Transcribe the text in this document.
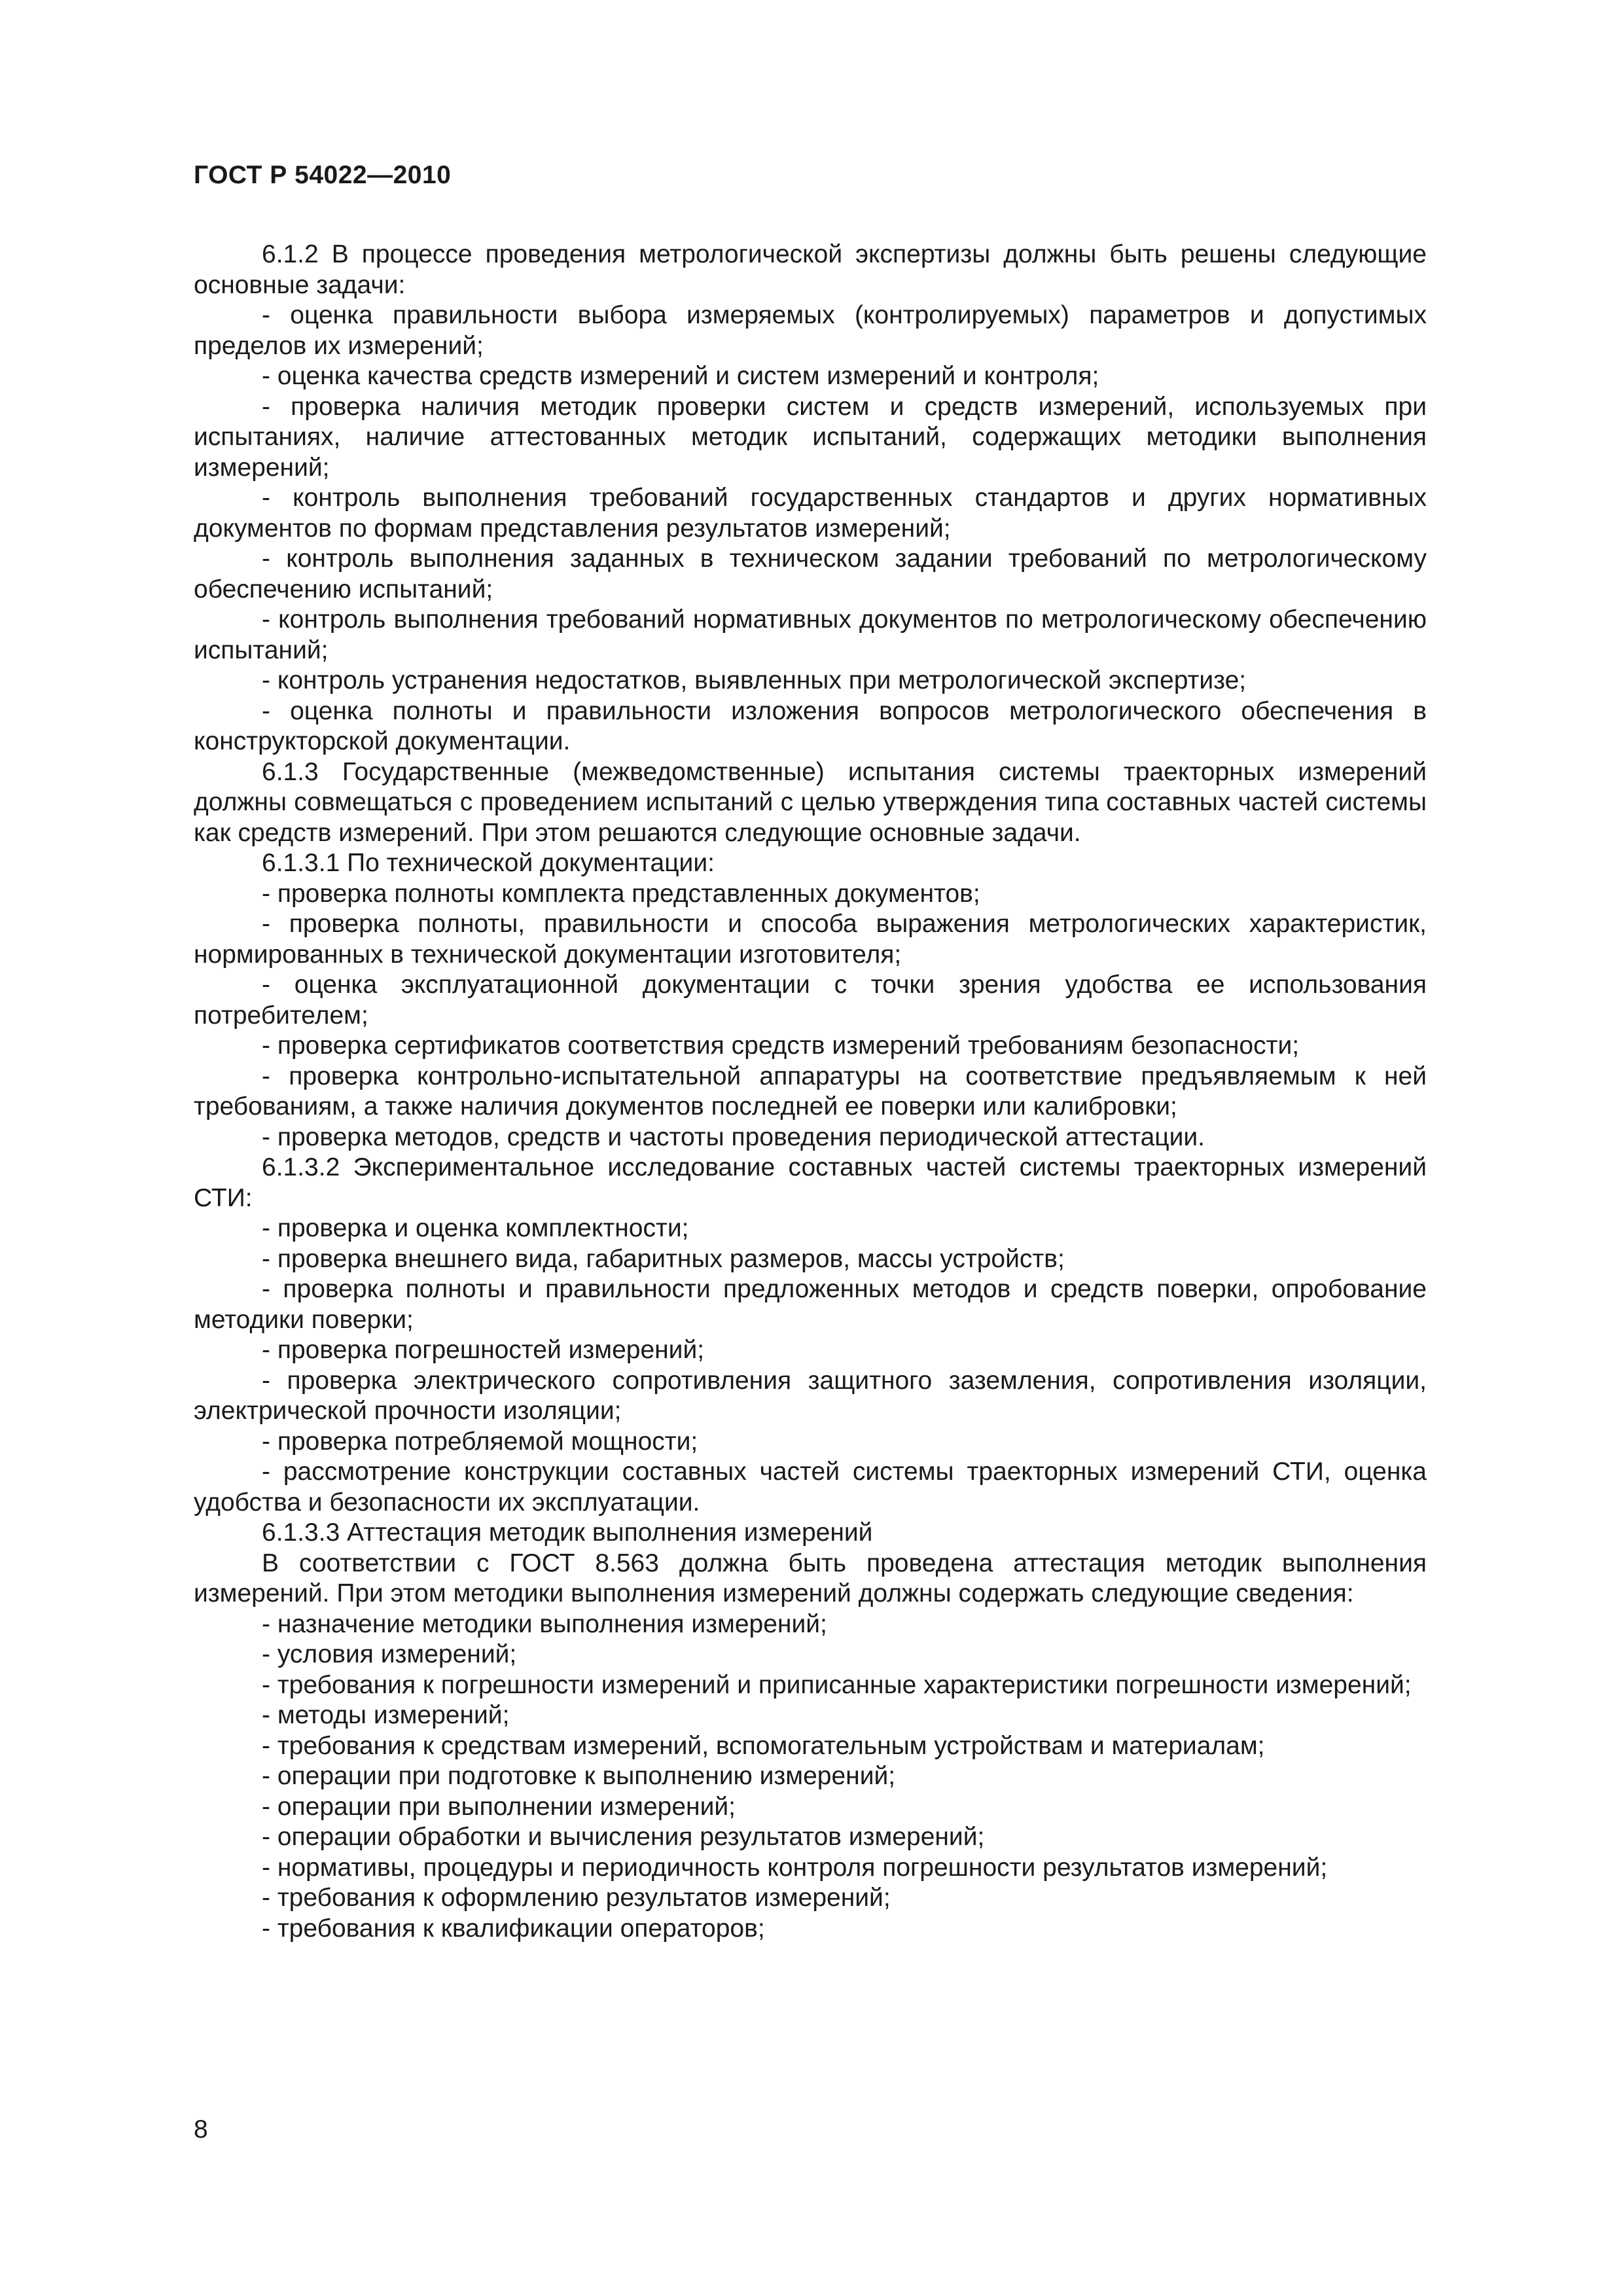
ГОСТ Р 54022—2010

6.1.2 В процессе проведения метрологической экспертизы должны быть решены следующие основные задачи:

- оценка правильности выбора измеряемых (контролируемых) параметров и допустимых пределов их измерений;

- оценка качества средств измерений и систем измерений и контроля;

- проверка наличия методик проверки систем и средств измерений, используемых при испытаниях, наличие аттестованных методик испытаний, содержащих методики выполнения измерений;

- контроль выполнения требований государственных стандартов и других нормативных документов по формам представления результатов измерений;

- контроль выполнения заданных в техническом задании требований по метрологическому обеспечению испытаний;

- контроль выполнения требований нормативных документов по метрологическому обеспечению испытаний;

- контроль устранения недостатков, выявленных при метрологической экспертизе;

- оценка полноты и правильности изложения вопросов метрологического обеспечения в конструкторской документации.

6.1.3 Государственные (межведомственные) испытания системы траекторных измерений должны совмещаться с проведением испытаний с целью утверждения типа составных частей системы как средств измерений. При этом решаются следующие основные задачи.

6.1.3.1 По технической документации:

- проверка полноты комплекта представленных документов;

- проверка полноты, правильности и способа выражения метрологических характеристик, нормированных в технической документации изготовителя;

- оценка эксплуатационной документации с точки зрения удобства ее использования потребителем;

- проверка сертификатов соответствия средств измерений требованиям безопасности;

- проверка контрольно-испытательной аппаратуры на соответствие предъявляемым к ней требованиям, а также наличия документов последней ее поверки или калибровки;

- проверка методов, средств и частоты проведения периодической аттестации.

6.1.3.2 Экспериментальное исследование составных частей системы траекторных измерений СТИ:

- проверка и оценка комплектности;

- проверка внешнего вида, габаритных размеров, массы устройств;

- проверка полноты и правильности предложенных методов и средств поверки, опробование методики поверки;

- проверка погрешностей измерений;

- проверка электрического сопротивления защитного заземления, сопротивления изоляции, электрической прочности изоляции;

- проверка потребляемой мощности;

- рассмотрение конструкции составных частей системы траекторных измерений СТИ, оценка удобства и безопасности их эксплуатации.

6.1.3.3 Аттестация методик выполнения измерений

В соответствии с ГОСТ 8.563 должна быть проведена аттестация методик выполнения измерений. При этом методики выполнения измерений должны содержать следующие сведения:

- назначение методики выполнения измерений;

- условия измерений;

- требования к погрешности измерений и приписанные характеристики погрешности измерений;

- методы измерений;

- требования к средствам измерений, вспомогательным устройствам и материалам;

- операции при подготовке к выполнению измерений;

- операции при выполнении измерений;

- операции обработки и вычисления результатов измерений;

- нормативы, процедуры и периодичность контроля погрешности результатов измерений;

- требования к оформлению результатов измерений;

- требования к квалификации операторов;

8
